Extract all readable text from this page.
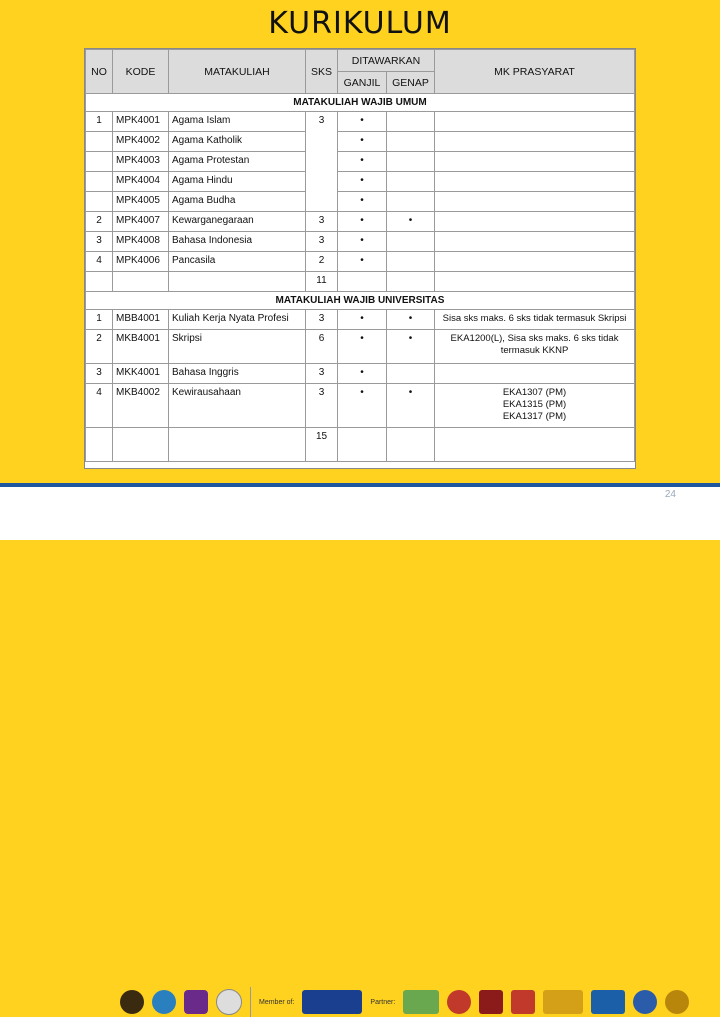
KURIKULUM
NO	KODE	MATAKULIAH	SKS	DITAWARKAN		MK PRASYARAT
				GANJIL	GENAP	
MATAKULIAH WAJIB UMUM						
1	MPK4001	Agama Islam	3	•		
	MPK4002	Agama Katholik		•		
	MPK4003	Agama Protestan		•		
	MPK4004	Agama Hindu		•		
	MPK4005	Agama Budha		•		
2	MPK4007	Kewarganegaraan	3	•	•	
3	MPK4008	Bahasa Indonesia	3	•		
4	MPK4006	Pancasila	2	•		
			11			
MATAKULIAH WAJIB UNIVERSITAS						
1	MBB4001	Kuliah Kerja Nyata Profesi	3	•	•	Sisa sks maks. 6 sks tidak termasuk Skripsi
2	MKB4001	Skripsi	6	•	•	EKA1200(L), Sisa sks maks. 6 sks tidak termasuk KKNP
3	MKK4001	Bahasa Inggris	3	•		
4	MKB4002	Kewirausahaan	3	•	•	EKA1307 (PM)
EKA1315 (PM)
EKA1317 (PM)
			15			
Member of:	Partner:
24
